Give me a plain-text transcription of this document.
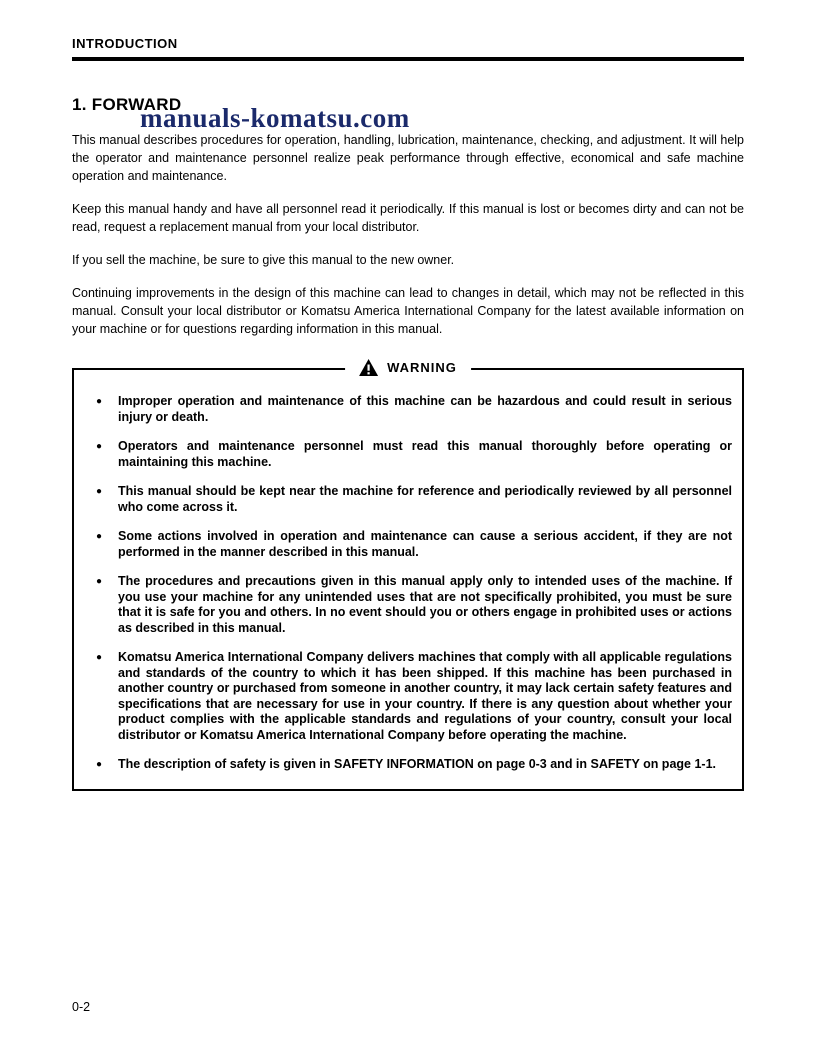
INTRODUCTION
1. FORWARD
manuals-komatsu.com

This manual describes procedures for operation, handling, lubrication, maintenance, checking, and adjustment. It will help the operator and maintenance personnel realize peak performance through effective, economical and safe machine operation and maintenance.

Keep this manual handy and have all personnel read it periodically. If this manual is lost or becomes dirty and can not be read, request a replacement manual from your local distributor.

If you sell the machine, be sure to give this manual to the new owner.

Continuing improvements in the design of this machine can lead to changes in detail, which may not be reflected in this manual. Consult your local distributor or Komatsu America International Company for the latest available information on your machine or for questions regarding information in this manual.

WARNING
●	Improper operation and maintenance of this machine can be hazardous and could result in serious injury or death.
●	Operators and maintenance personnel must read this manual thoroughly before operating or maintaining this machine.
●	This manual should be kept near the machine for reference and periodically reviewed by all personnel who come across it.
●	Some actions involved in operation and maintenance can cause a serious accident, if they are not performed in the manner described in this manual.
●	The procedures and precautions given in this manual apply only to intended uses of the machine. If you use your machine for any unintended uses that are not specifically prohibited, you must be sure that it is safe for you and others. In no event should you or others engage in prohibited uses or actions as described in this manual.
●	Komatsu America International Company delivers machines that comply with all applicable regulations and standards of the country to which it has been shipped. If this machine has been purchased in another country or purchased from someone in another country, it may lack certain safety features and specifications that are necessary for use in your country. If there is any question about whether your product complies with the applicable standards and regulations of your country, consult your local distributor or Komatsu America International Company before operating the machine.
●	The description of safety is given in SAFETY INFORMATION on page 0-3 and in SAFETY on page 1-1.
0-2
